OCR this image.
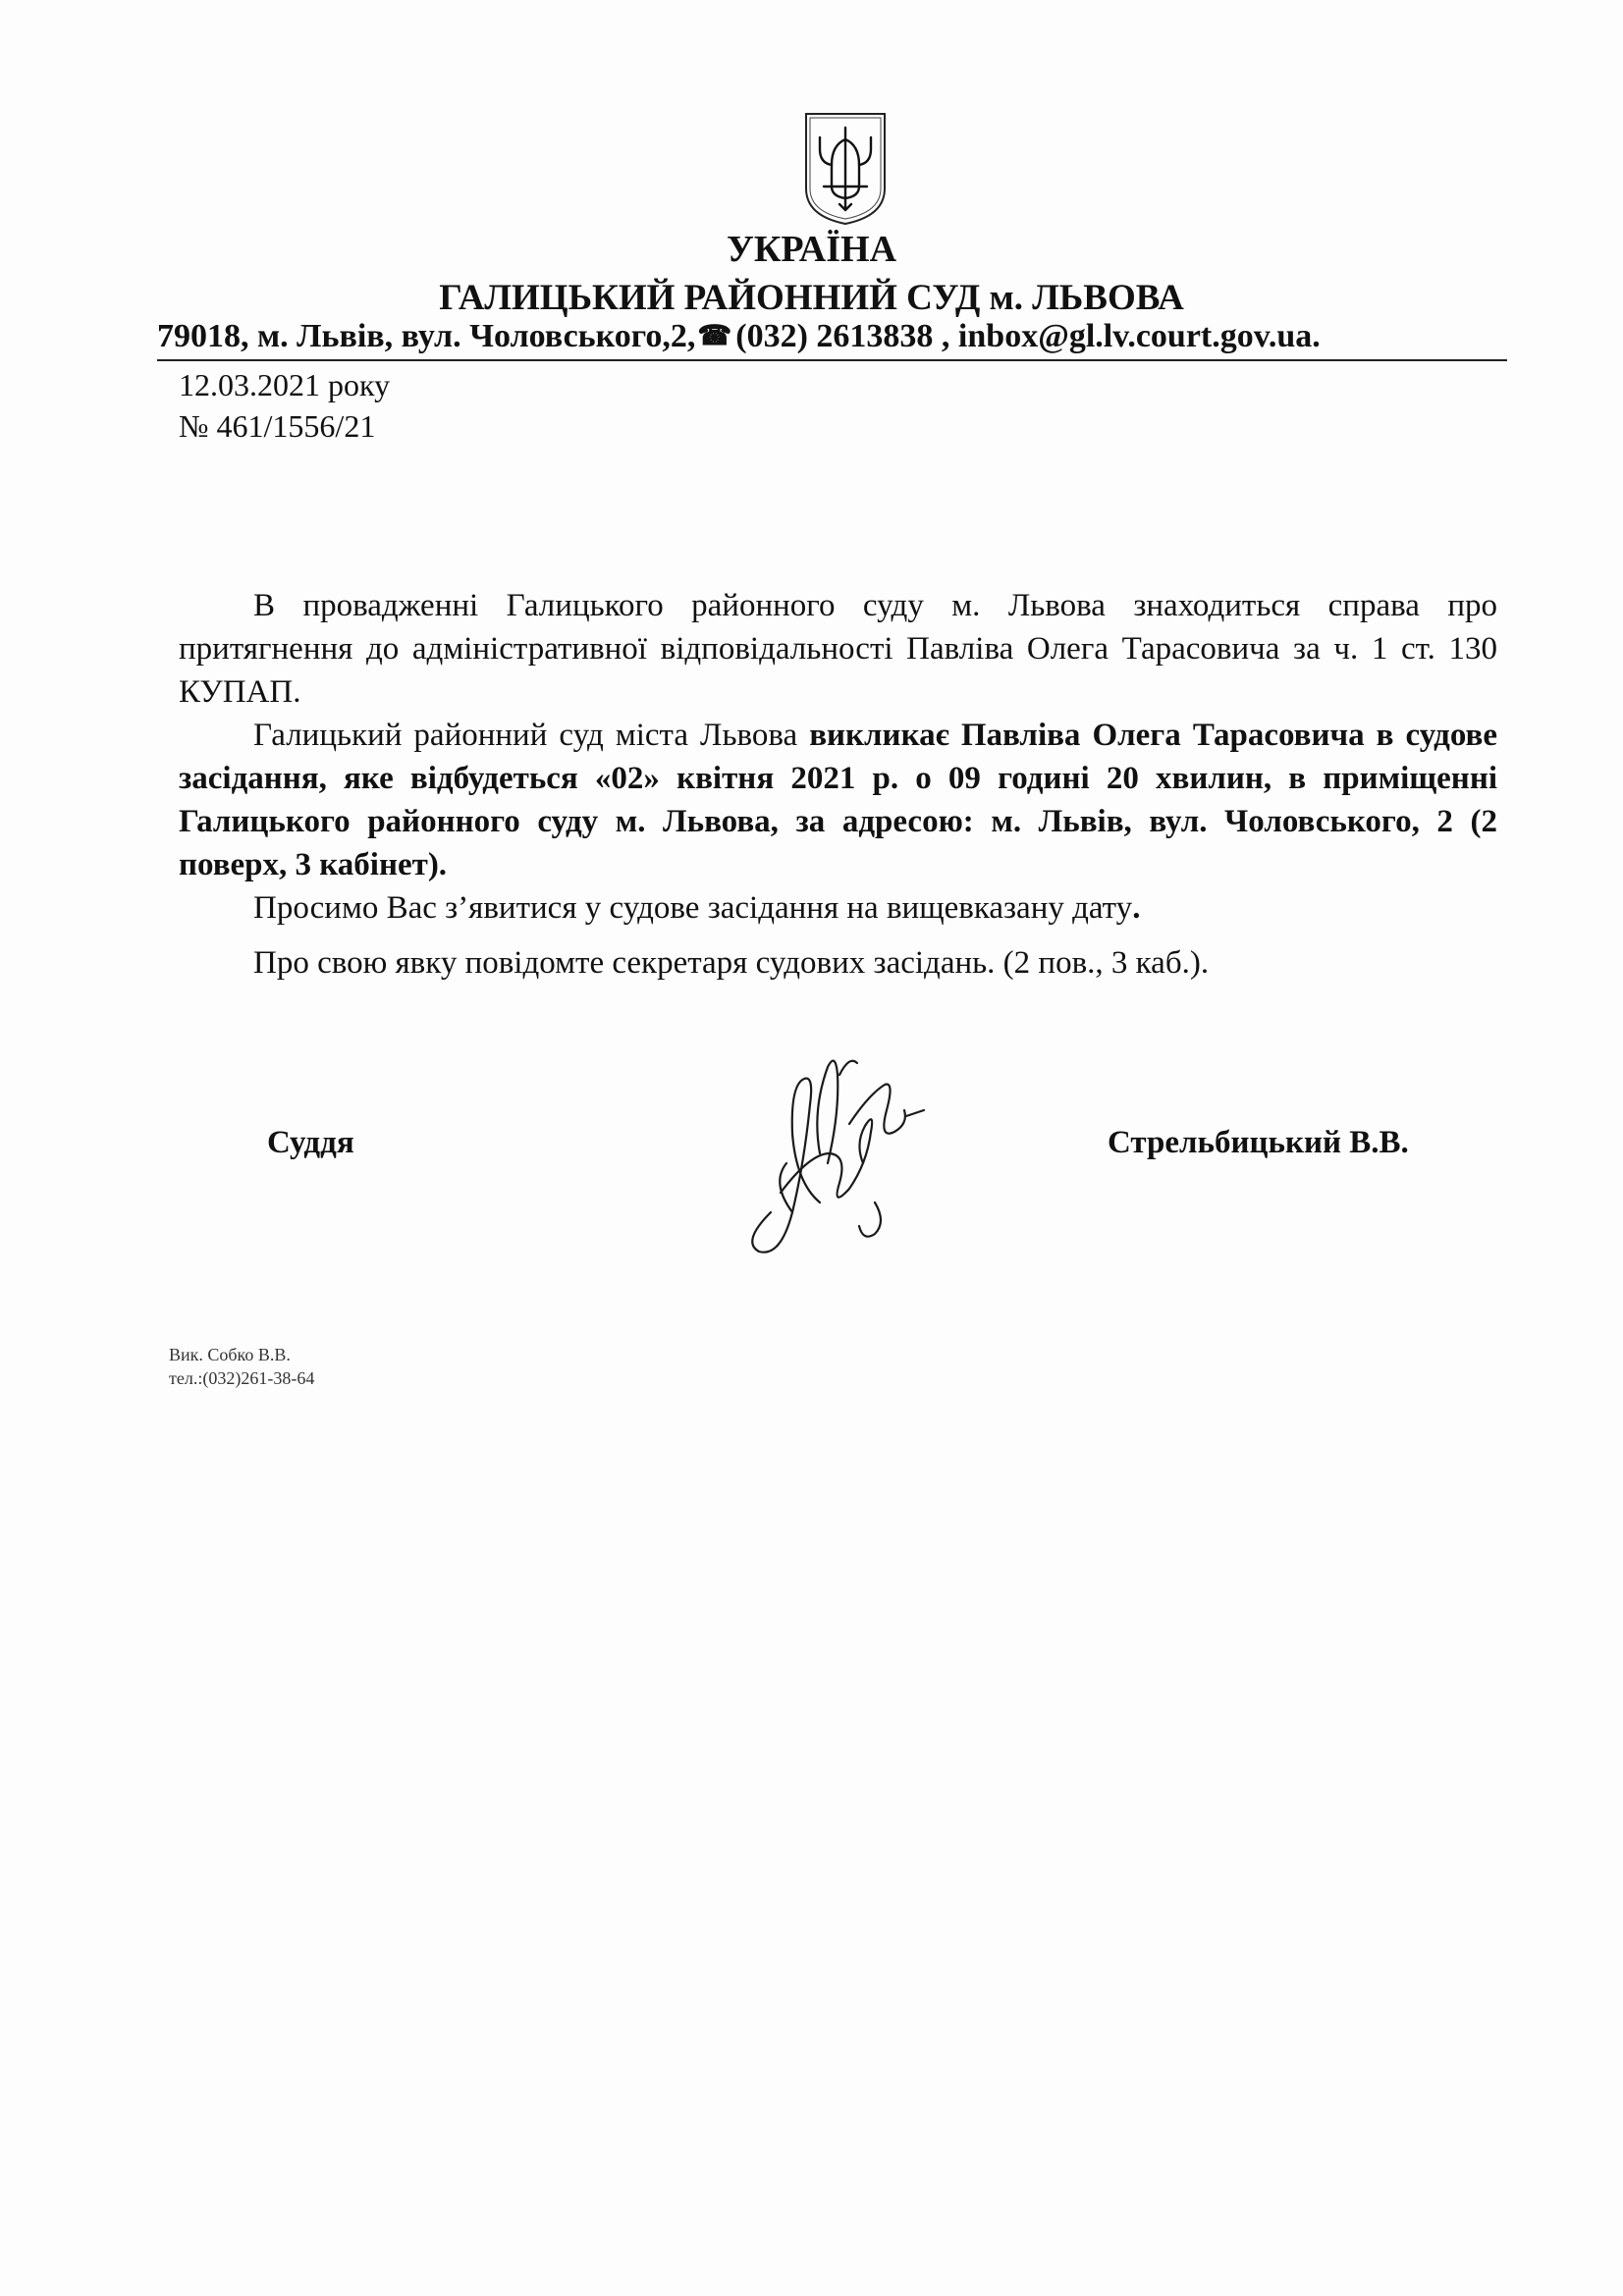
УКРАЇНА
ГАЛИЦЬКИЙ РАЙОННИЙ СУД м. ЛЬВОВА
79018, м. Львів, вул. Чоловського,2,☎ (032) 2613838 , inbox@gl.lv.court.gov.ua.
12.03.2021 року
№ 461/1556/21
В провадженні Галицького районного суду м. Львова знаходиться справа про притягнення до адміністративної відповідальності Павліва Олега Тарасовича за ч. 1 ст. 130 КУПАП.
Галицький районний суд міста Львова викликає Павліва Олега Тарасовича в судове засідання, яке відбудеться «02» квітня 2021 р. о 09 годині 20 хвилин, в приміщенні Галицького районного суду м. Львова, за адресою: м. Львів, вул. Чоловського, 2 (2 поверх, 3 кабінет).
Просимо Вас з’явитися у судове засідання на вищевказану дату.
Про свою явку повідомте секретаря судових засідань. (2 пов., 3 каб.).
Суддя	Стрельбицький В.В.
Вик. Собко В.В.
тел.:(032)261-38-64
